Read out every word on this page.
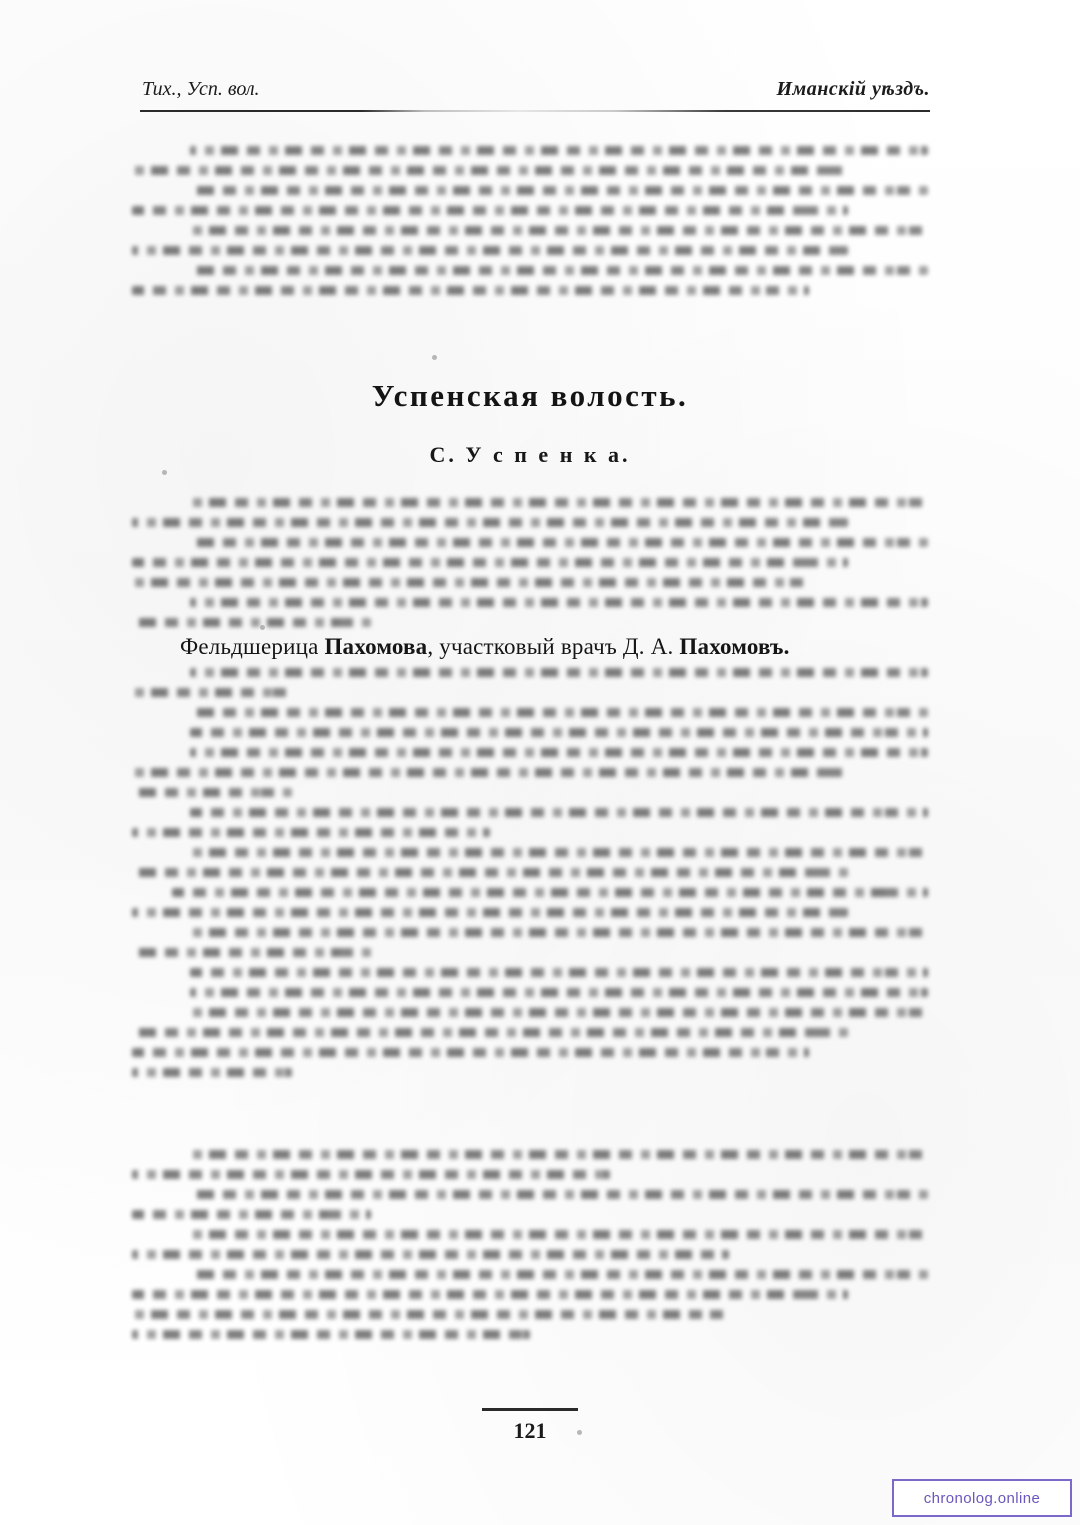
Тих., Усп. вол.	Иманскiй уѣздъ.
Успенская волость.
С. У с п е н к а.
Фельдшерица Пахомова, участковый врачъ Д. А. Пахомовъ.
121
chronolog.online
